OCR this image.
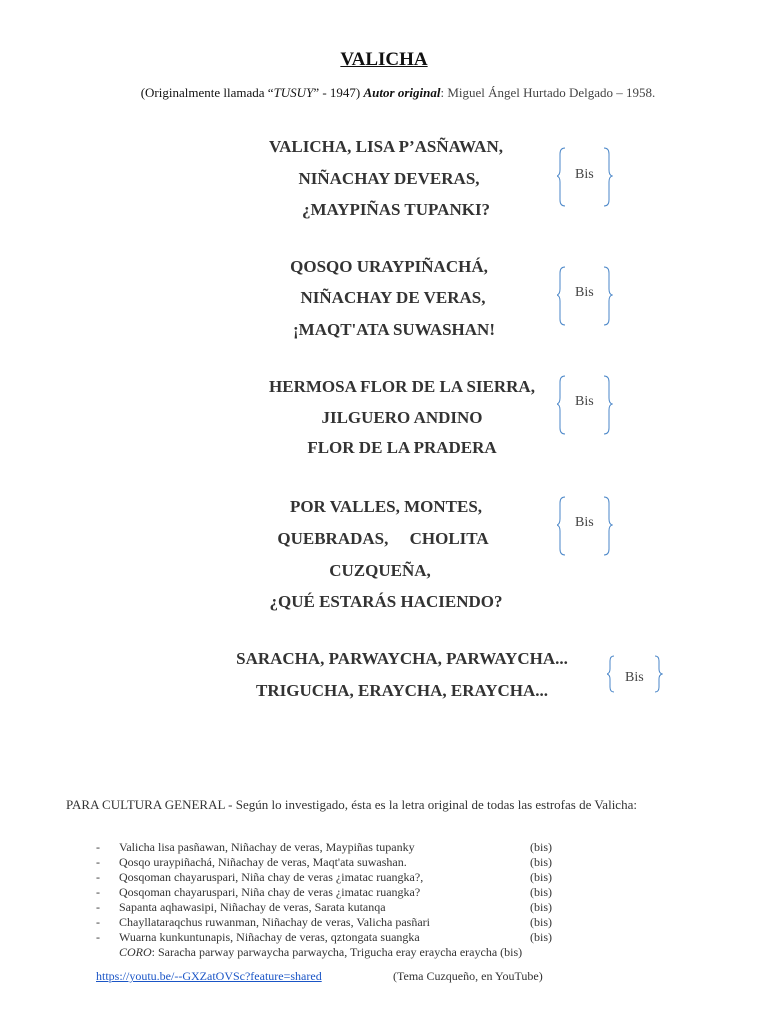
VALICHA
(Originalmente llamada “TUSUY” - 1947) Autor original: Miguel Ángel Hurtado Delgado – 1958.
VALICHA, LISA P’ASÑAWAN,
NIÑACHAY DEVERAS,
¿MAYPIÑAS TUPANKI?
QOSQO URAYPIÑACHÁ,
NIÑACHAY DE VERAS,
¡MAQT'ATA SUWASHAN!
HERMOSA FLOR DE LA SIERRA,
JILGUERO ANDINO
FLOR DE LA PRADERA
POR VALLES, MONTES,
QUEBRADAS,     CHOLITA
CUZQUEÑA,
¿QUÉ ESTARÁS HACIENDO?
SARACHA, PARWAYCHA, PARWAYCHA...
TRIGUCHA, ERAYCHA, ERAYCHA...
Bis
Bis
Bis
Bis
Bis
PARA CULTURA GENERAL - Según lo investigado, ésta es la letra original de todas las estrofas de Valicha:
- Valicha lisa pasñawan, Niñachay de veras, Maypiñas tupanky	(bis)
- Qosqo uraypiñachá, Niñachay de veras, Maqt'ata suwashan.	(bis)
- Qosqoman chayaruspari, Niña chay de veras ¿imatac ruangka?,	(bis)
- Qosqoman chayaruspari, Niña chay de veras ¿imatac ruangka?	(bis)
- Sapanta aqhawasipi, Niñachay de veras, Sarata kutanqa	(bis)
- Chayllataraqchus ruwanman, Niñachay de veras, Valicha pasñari	(bis)
- Wuarna kunkuntunapis, Niñachay de veras, qztongata suangka	(bis)
CORO: Saracha parway parwaycha parwaycha, Trigucha eray eraycha eraycha (bis)
https://youtu.be/--GXZatOVSc?feature=shared	(Tema Cuzqueño, en YouTube)
